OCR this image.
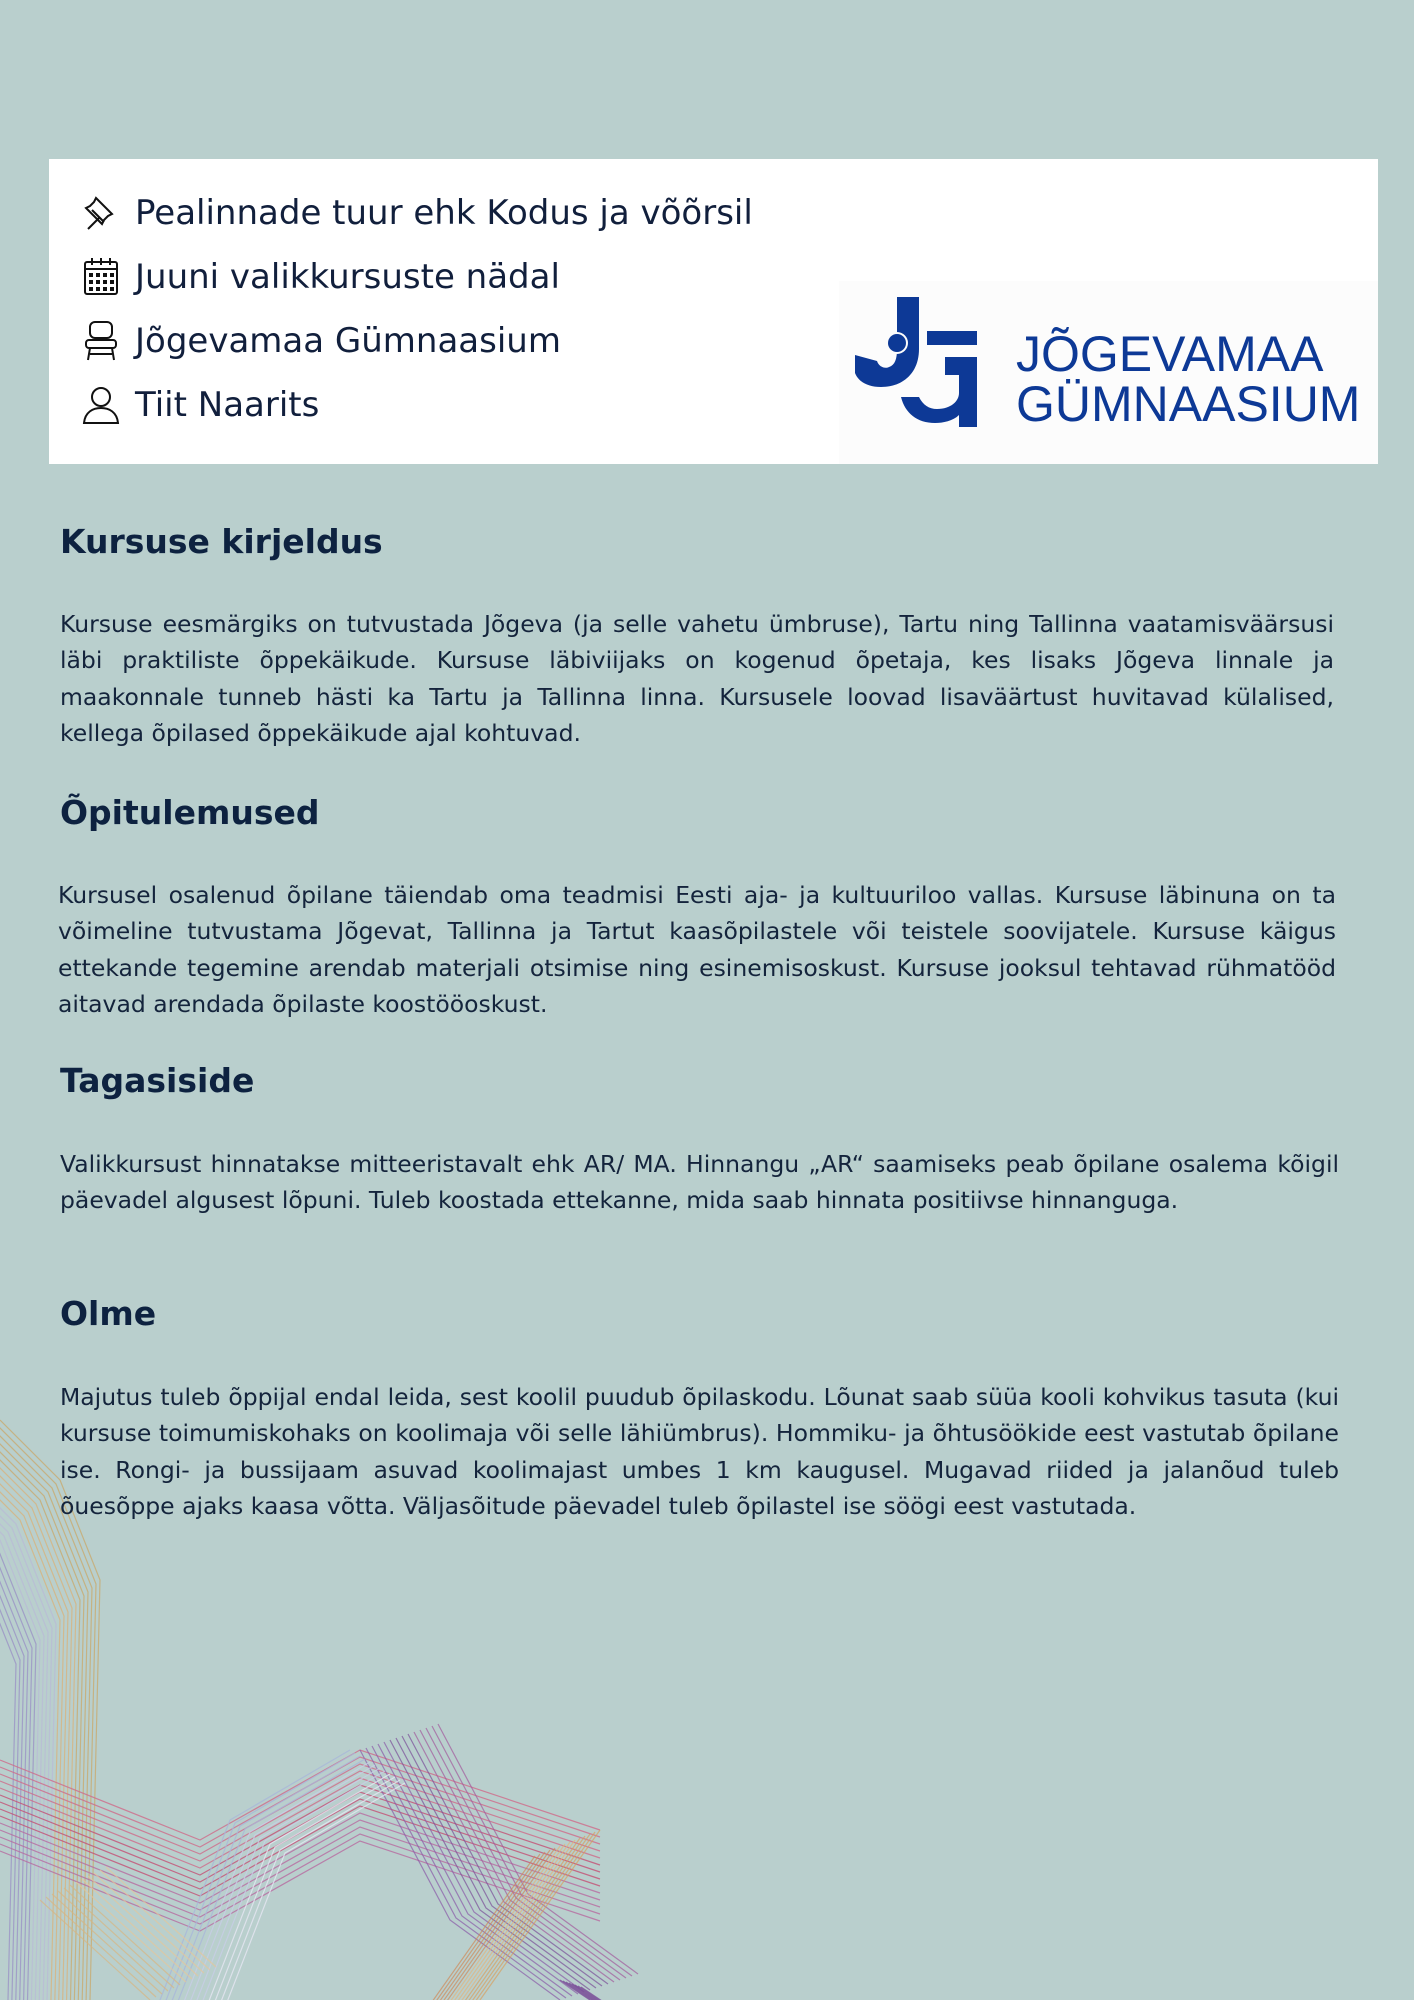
Pealinnade tuur ehk Kodus ja võõrsil
Juuni valikkursuste nädal
Jõgevamaa Gümnaasium
Tiit Naarits
JÕGEVAMAA
GÜMNAASIUM
Kursuse kirjeldus

Kursuse eesmärgiks on tutvustada Jõgeva (ja selle vahetu ümbruse), Tartu ning Tallinna vaatamisväärsusi läbi praktiliste õppekäikude. Kursuse läbiviijaks on kogenud õpetaja, kes lisaks Jõgeva linnale ja maakonnale tunneb hästi ka Tartu ja Tallinna linna. Kursusele loovad lisaväärtust huvitavad külalised, kellega õpilased õppekäikude ajal kohtuvad.

Õpitulemused

Kursusel osalenud õpilane täiendab oma teadmisi Eesti aja- ja kultuuriloo vallas. Kursuse läbinuna on ta võimeline tutvustama Jõgevat, Tallinna ja Tartut kaasõpilastele või teistele soovijatele. Kursuse käigus ettekande tegemine arendab materjali otsimise ning esinemisoskust. Kursuse jooksul tehtavad rühmatööd aitavad arendada õpilaste koostööoskust.

Tagasiside

Valikkursust hinnatakse mitteeristavalt ehk AR/ MA. Hinnangu „AR“ saamiseks peab õpilane osalema kõigil päevadel algusest lõpuni. Tuleb koostada ettekanne, mida saab hinnata positiivse hinnanguga.

Olme

Majutus tuleb õppijal endal leida, sest koolil puudub õpilaskodu. Lõunat saab süüa kooli kohvikus tasuta (kui kursuse toimumiskohaks on koolimaja või selle lähiümbrus). Hommiku- ja õhtusöökide eest vastutab õpilane ise. Rongi- ja bussijaam asuvad koolimajast umbes 1 km kaugusel. Mugavad riided ja jalanõud tuleb õuesõppe ajaks kaasa võtta. Väljasõitude päevadel tuleb õpilastel ise söögi eest vastutada.
